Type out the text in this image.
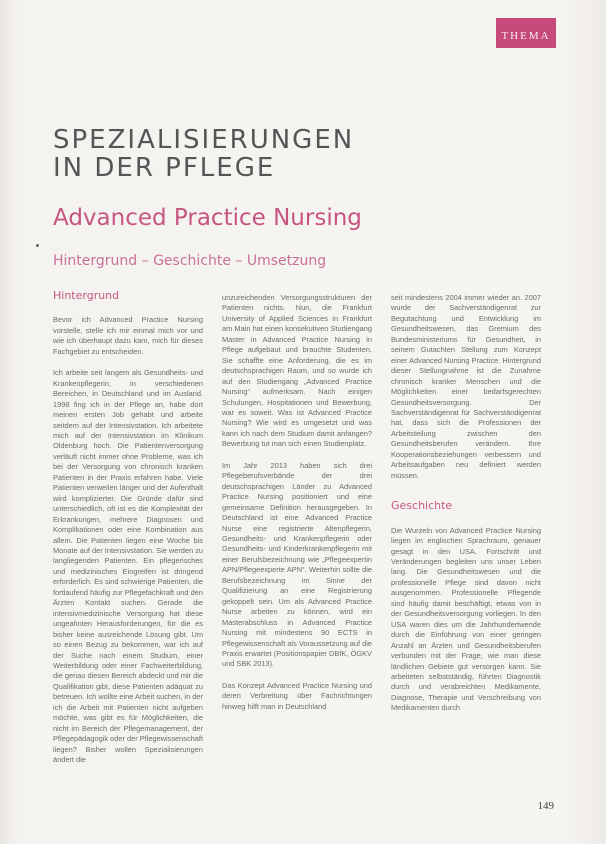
THEMA
SPEZIALISIERUNGEN
IN DER PFLEGE
Advanced Practice Nursing
Hintergrund – Geschichte – Umsetzung
Hintergrund

Bevor ich Advanced Practice Nursing vorstelle, stelle ich mir einmal mich vor und wie ich überhaupt dazu kam, mich für dieses Fachgebiet zu entscheiden.

Ich arbeite seit langem als Gesundheits- und Krankenpflegerin, in verschiedenen Bereichen, in Deutschland und im Ausland. 1998 fing ich in der Pflege an, habe dort meinen ersten Job gehabt und arbeite seitdem auf der Intensivstation. Ich arbeitete mich auf der Intensivstation im Klinikum Oldenburg hoch. Die Patientenversorgung verläuft nicht immer ohne Probleme, was ich bei der Versorgung von chronisch kranken Patienten in der Praxis erfahren habe. Viele Patienten verweilen länger und der Aufenthalt wird komplizierter. Die Gründe dafür sind unterschiedlich, oft ist es die Komplexität der Erkrankungen, mehrere Diagnosen und Komplikationen oder eine Kombination aus allem. Die Patienten liegen eine Woche bis Monate auf der Intensivstation. Sie werden zu langliegenden Patienten. Ein pflegerisches und medizinisches Eingreifen ist dringend erforderlich. Es sind schwierige Patienten, die fortlaufend häufig zur Pflegefachkraft und den Ärzten Kontakt suchen. Gerade die intensivmedizinische Versorgung hat diese ungeahnten Herausforderungen, für die es bisher keine ausreichende Lösung gibt. Um so einen Bezug zu bekommen, war ich auf der Suche nach einem Studium, einer Weiterbildung oder einer Fachweiterbildung, die genau diesen Bereich abdeckt und mir die Qualifikation gibt, diese Patienten adäquat zu betreuen. Ich wollte eine Arbeit suchen, in der ich die Arbeit mit Patienten nicht aufgeben möchte, was gibt es für Möglichkeiten, die nicht im Bereich der Pflegemanagement, der Pflegepädagogik oder der Pflegewissenschaft liegen? Bisher wollen Spezialisierungen ändert die

unzureichenden Versorgungsstrukturen der Patienten nichts. Nun, die Frankfurt University of Applied Sciences in Frankfurt am Main hat einen konsekutiven Studiengang Master in Advanced Practice Nursing in Pflege aufgebaut und brauchte Studenten. Sie schaffte eine Anforderung, die es im deutschsprachigen Raum, und so wurde ich auf den Studiengang „Advanced Practice Nursing“ aufmerksam. Nach einigen Schulungen, Hospitationen und Bewerbung, war es soweit. Was ist Advanced Practice Nursing? Wie wird es umgesetzt und was kann ich nach dem Studium damit anfangen? Bewerbung tut man sich einen Studienplatz.

Im Jahr 2013 haben sich drei Pflegeberufsverbände der drei deutschsprachigen Länder zu Advanced Practice Nursing positioniert und eine gemeinsame Definition herausgegeben. In Deutschland ist eine Advanced Practice Nurse eine registrierte Altenpflegerin, Gesundheits- und Krankenpflegerin oder Gesundheits- und Kinderkrankenpflegerin mit einer Berufsbezeichnung wie „Pflegeexpertin APN/Pflegeexperte APN“. Weiterhin sollte die Berufsbezeichnung im Sinne der Qualifizierung an eine Registrierung gekoppelt sein. Um als Advanced Practice Nurse arbeiten zu können, wird ein Masterabschluss in Advanced Practice Nursing mit mindestens 90 ECTS in Pflegewissenschaft als Voraussetzung auf die Praxis erwartet (Positionspapier DBfK, ÖGKV und SBK 2013).

Das Konzept Advanced Practice Nursing und deren Verbreitung über Fachrichtungen hinweg hilft man in Deutschland

seit mindestens 2004 immer wieder an. 2007 wurde der Sachverständigenrat zur Begutachtung und Entwicklung im Gesundheitswesen, das Gremium des Bundesministeriums für Gesundheit, in seinem Gutachten Stellung zum Konzept einer Advanced Nursing Practice. Hintergrund dieser Stellungnahme ist die Zunahme chronisch kranker Menschen und die Möglichkeiten einer bedarfsgerechten Gesundheitsversorgung. Der Sachverständigenrat für Sachverständigenrat hat, dass sich die Professionen der Arbeitsteilung zwischen den Gesundheitsberufen verändern. Ihre Kooperationsbeziehungen verbessern und Arbeitsaufgaben neu definiert werden müssen.

Geschichte

Die Wurzeln von Advanced Practice Nursing liegen im englischen Sprachraum, genauer gesagt in den USA. Fortschritt und Veränderungen begleiten uns unser Leben lang. Die Gesundheitswesen und die professionelle Pflege sind davon nicht ausgenommen. Professionelle Pflegende sind häufig damit beschäftigt, etwas von in der Gesundheitsversorgung vorliegen. In den USA waren dies um die Jahrhundertwende durch die Einführung von einer geringen Anzahl an Ärzten und Gesundheitsberufen verbunden mit der Frage, wie man diese ländlichen Gebiete gut versorgen kann. Sie arbeiteten selbstständig, führten Diagnostik durch und verabreichten Medikamente, Diagnose, Therapie und Verschreibung von Medikamenten durch

149
